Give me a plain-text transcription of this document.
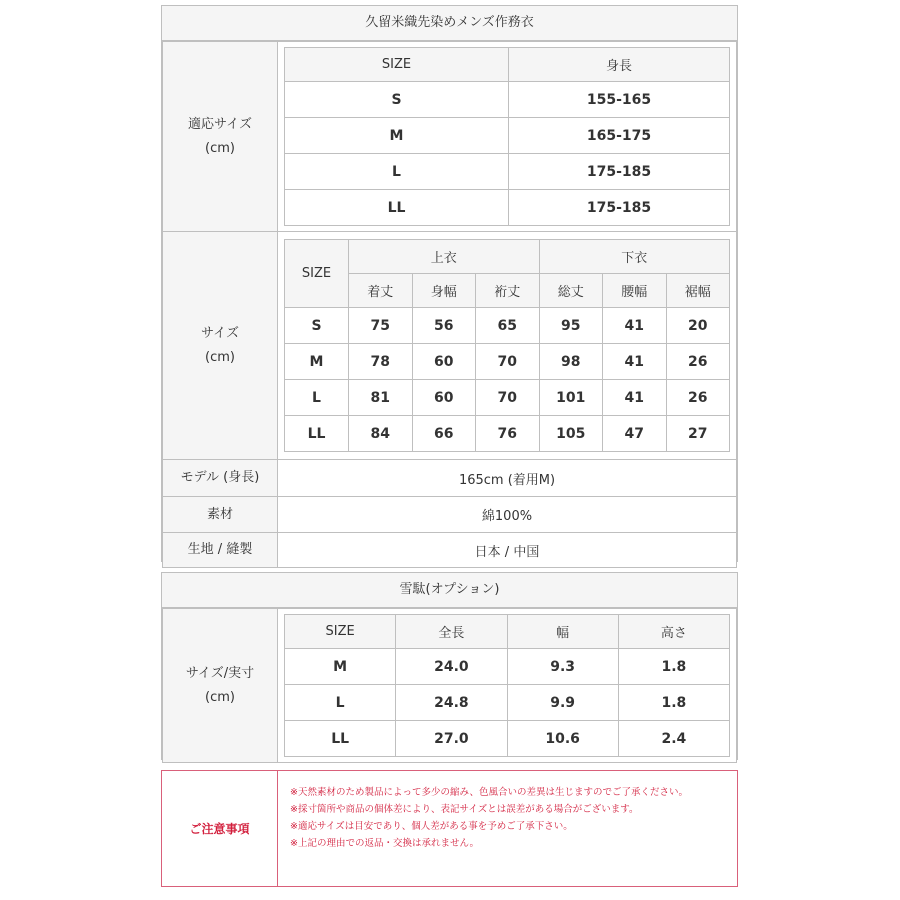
久留米織先染めメンズ作務衣
適応サイズ
(cm)

SIZE	身長
S	155-165
M	165-175
L	175-185
LL	175-185

サイズ
(cm)

SIZE	上衣	下衣
着丈	身幅	裄丈	総丈	腰幅	裾幅
S	75	56	65	95	41	20
M	78	60	70	98	41	26
L	81	60	70	101	41	26
LL	84	66	76	105	47	27

モデル (身長)	165cm (着用M)
素材	綿100%
生地 / 縫製	日本 / 中国
雪駄(オプション)
サイズ/実寸
(cm)

SIZE	全長	幅	高さ
M	24.0	9.3	1.8
L	24.8	9.9	1.8
LL	27.0	10.6	2.4
ご注意事項
※天然素材のため製品によって多少の縮み、色風合いの差異は生じますのでご了承ください。
※採寸箇所や商品の個体差により、表記サイズとは誤差がある場合がございます。
※適応サイズは目安であり、個人差がある事を予めご了承下さい。
※上記の理由での返品・交換は承れません。
